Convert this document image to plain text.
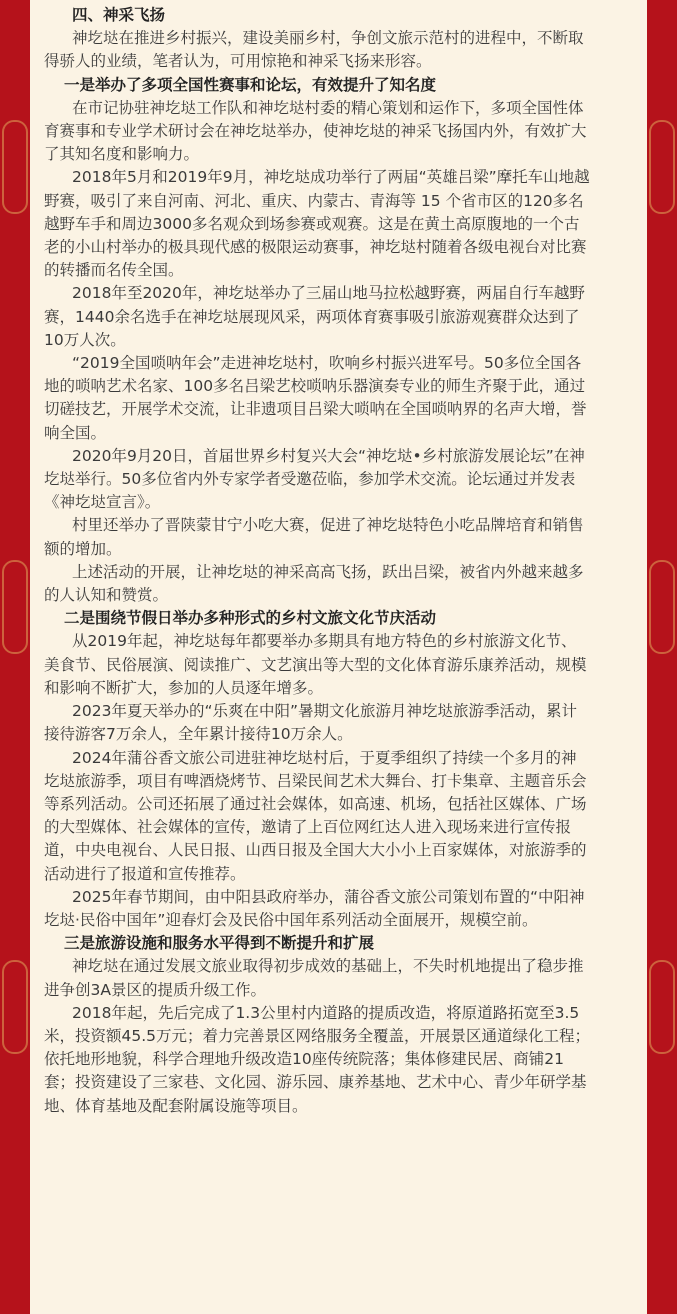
四、神采飞扬
神圪垯在推进乡村振兴，建设美丽乡村，争创文旅示范村的进程中，不断取
得骄人的业绩，笔者认为，可用惊艳和神采飞扬来形容。
一是举办了多项全国性赛事和论坛，有效提升了知名度
在市记协驻神圪垯工作队和神圪垯村委的精心策划和运作下，多项全国性体
育赛事和专业学术研讨会在神圪垯举办，使神圪垯的神采飞扬国内外，有效扩大
了其知名度和影响力。
2018年5月和2019年9月，神圪垯成功举行了两届“英雄吕梁”摩托车山地越
野赛，吸引了来自河南、河北、重庆、内蒙古、青海等 15 个省市区的120多名
越野车手和周边3000多名观众到场参赛或观赛。这是在黄土高原腹地的一个古
老的小山村举办的极具现代感的极限运动赛事，神圪垯村随着各级电视台对比赛
的转播而名传全国。
2018年至2020年，神圪垯举办了三届山地马拉松越野赛，两届自行车越野
赛，1440余名选手在神圪垯展现风采，两项体育赛事吸引旅游观赛群众达到了
10万人次。
“2019全国唢呐年会”走进神圪垯村，吹响乡村振兴进军号。50多位全国各
地的唢呐艺术名家、100多名吕梁艺校唢呐乐器演奏专业的师生齐聚于此，通过
切磋技艺，开展学术交流，让非遗项目吕梁大唢呐在全国唢呐界的名声大增，誉
响全国。
2020年9月20日，首届世界乡村复兴大会“神圪垯•乡村旅游发展论坛”在神
圪垯举行。50多位省内外专家学者受邀莅临，参加学术交流。论坛通过并发表
《神圪垯宣言》。
村里还举办了晋陕蒙甘宁小吃大赛，促进了神圪垯特色小吃品牌培育和销售
额的增加。
上述活动的开展，让神圪垯的神采高高飞扬，跃出吕梁，被省内外越来越多
的人认知和赞赏。
二是围绕节假日举办多种形式的乡村文旅文化节庆活动
从2019年起，神圪垯每年都要举办多期具有地方特色的乡村旅游文化节、
美食节、民俗展演、阅读推广、文艺演出等大型的文化体育游乐康养活动，规模
和影响不断扩大，参加的人员逐年增多。
2023年夏天举办的“乐爽在中阳”暑期文化旅游月神圪垯旅游季活动，累计
接待游客7万余人，全年累计接待10万余人。
2024年蒲谷香文旅公司进驻神圪垯村后，于夏季组织了持续一个多月的神
圪垯旅游季，项目有啤酒烧烤节、吕梁民间艺术大舞台、打卡集章、主题音乐会
等系列活动。公司还拓展了通过社会媒体，如高速、机场，包括社区媒体、广场
的大型媒体、社会媒体的宣传，邀请了上百位网红达人进入现场来进行宣传报
道，中央电视台、人民日报、山西日报及全国大大小小上百家媒体，对旅游季的
活动进行了报道和宣传推荐。
2025年春节期间，由中阳县政府举办，蒲谷香文旅公司策划布置的“中阳神
圪垯·民俗中国年”迎春灯会及民俗中国年系列活动全面展开，规模空前。
三是旅游设施和服务水平得到不断提升和扩展
神圪垯在通过发展文旅业取得初步成效的基础上，不失时机地提出了稳步推
进争创3A景区的提质升级工作。
2018年起，先后完成了1.3公里村内道路的提质改造，将原道路拓宽至3.5
米，投资额45.5万元；着力完善景区网络服务全覆盖，开展景区通道绿化工程；
依托地形地貌，科学合理地升级改造10座传统院落；集体修建民居、商铺21
套；投资建设了三家巷、文化园、游乐园、康养基地、艺术中心、青少年研学基
地、体育基地及配套附属设施等项目。
